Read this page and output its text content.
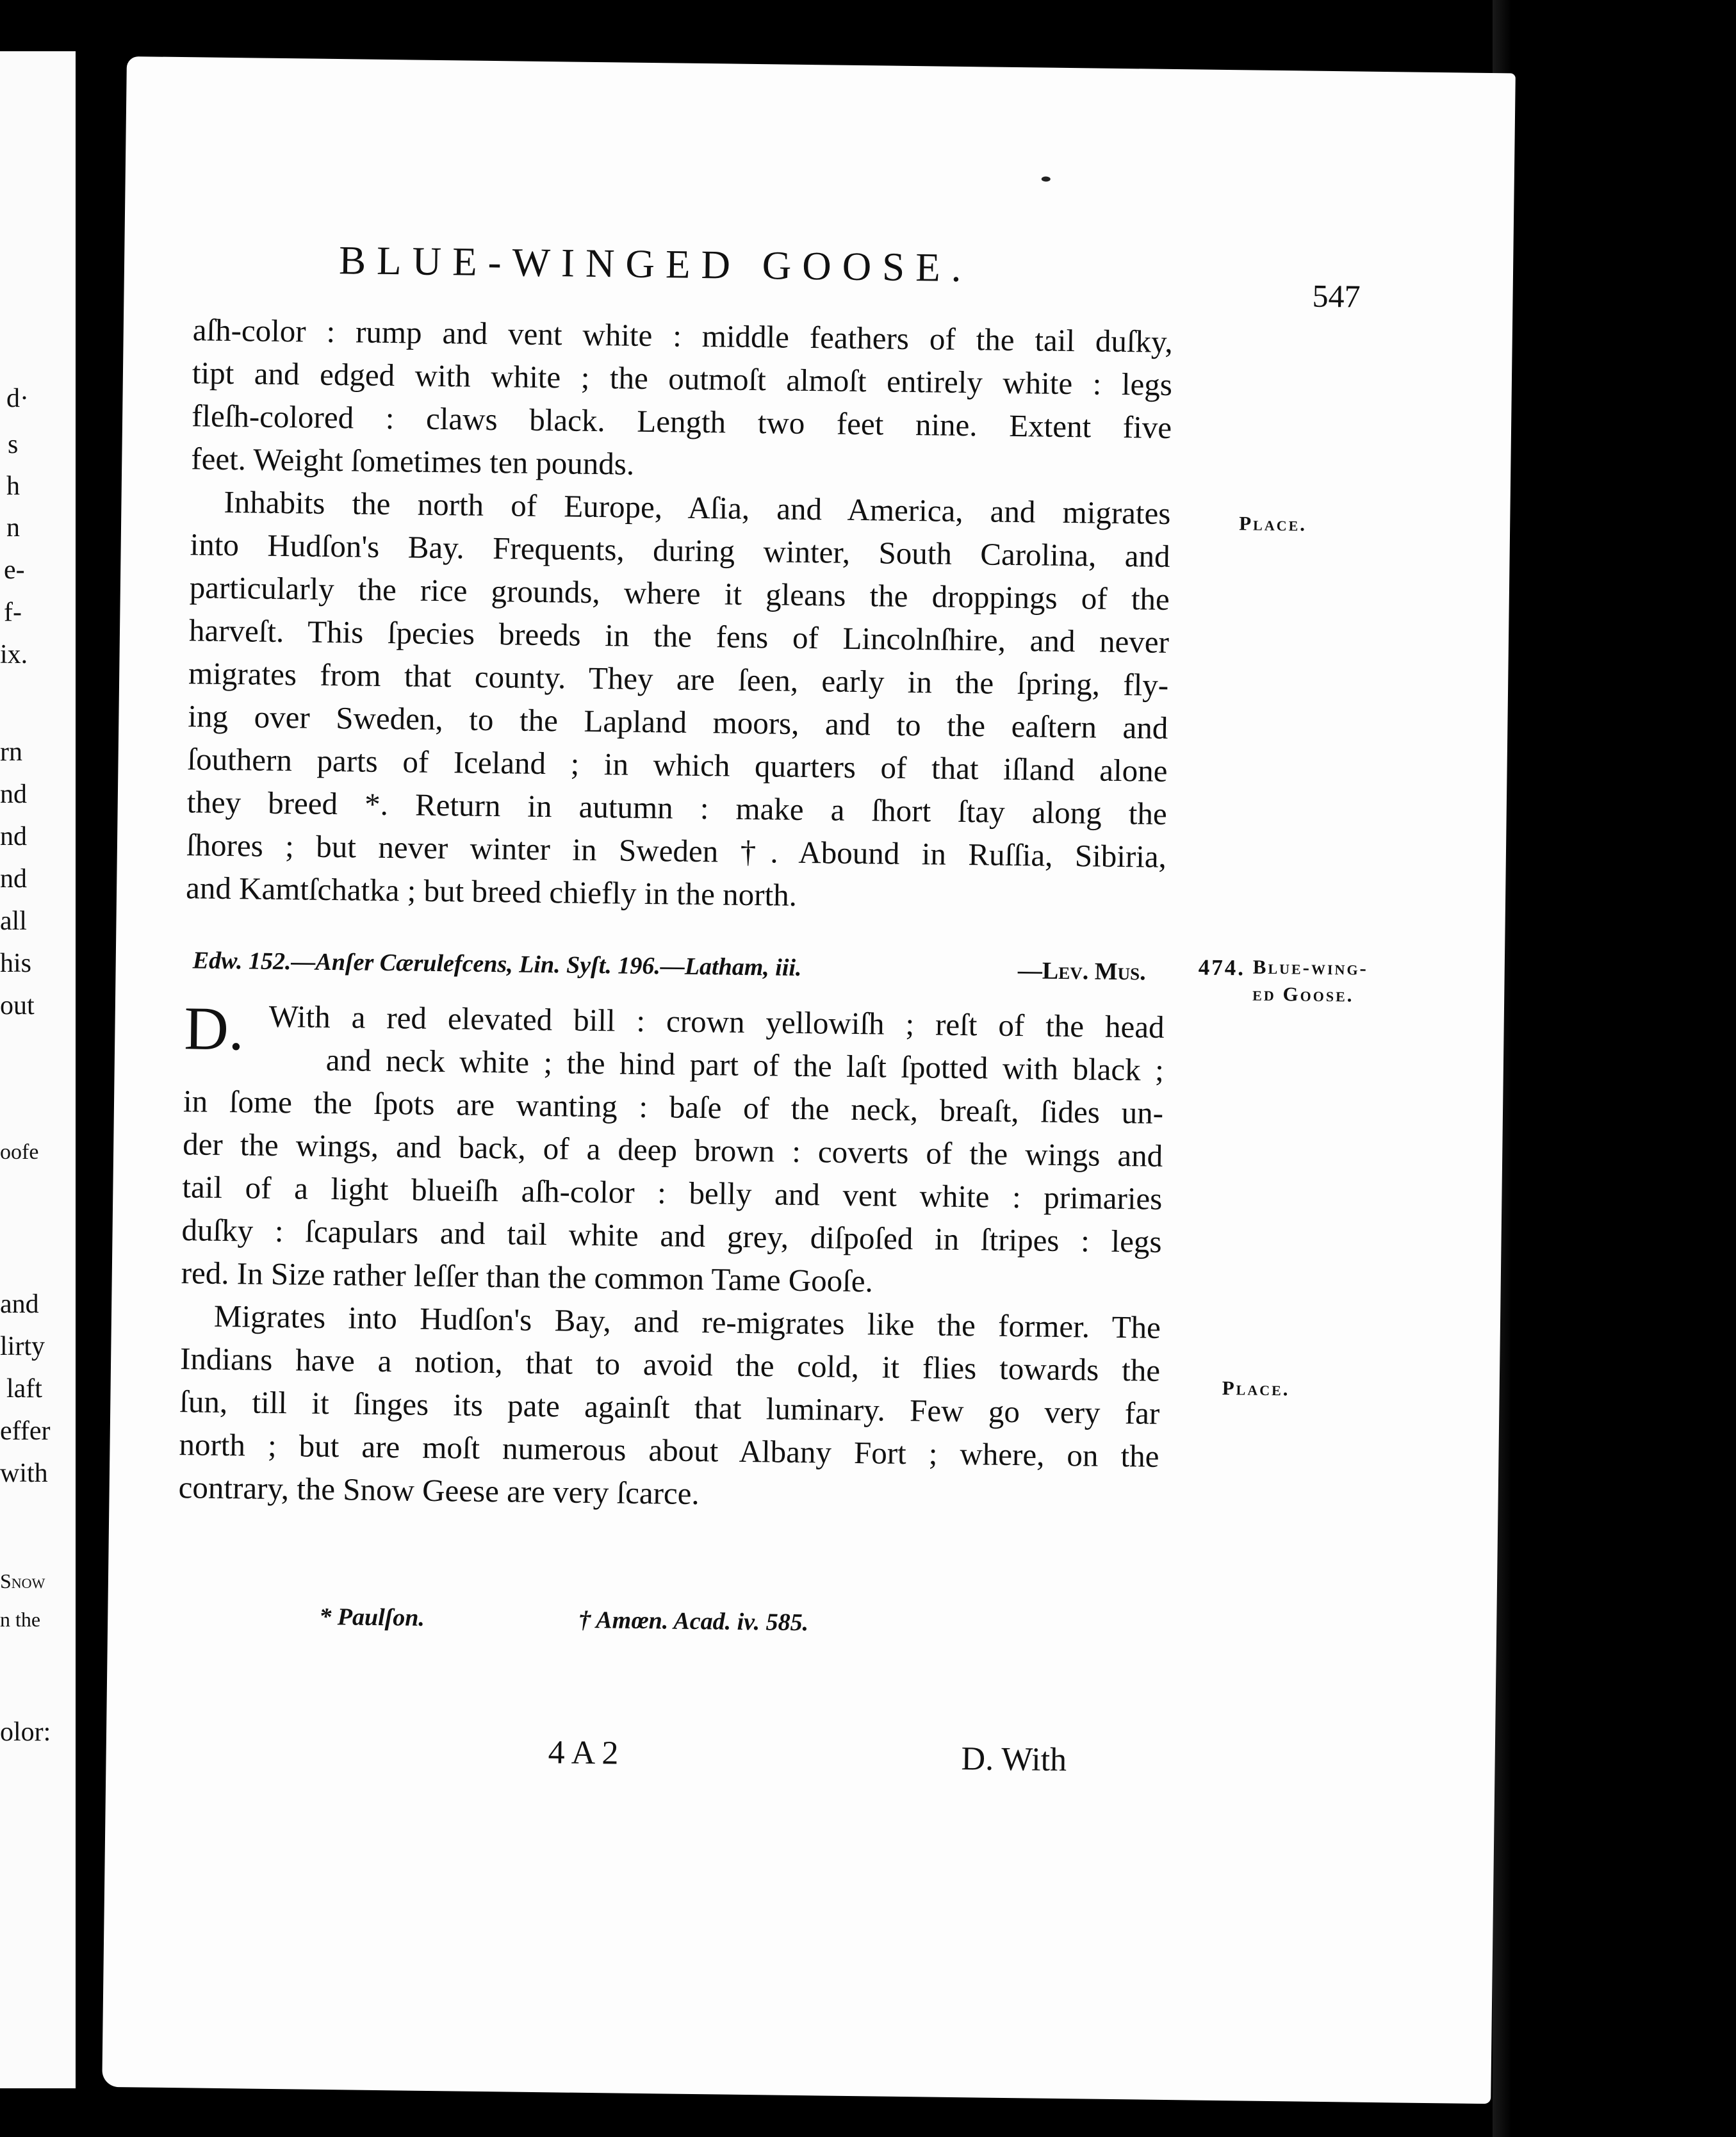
d·
s
h
n
e-
f-
ix.
rn
nd
nd
nd
all
his
out
oofe
and
lirty
laft
effer
with
Snow
n the
olor:
BLUE-WINGED GOOSE.
547
aſh-color : rump and vent white : middle feathers of the tail duſky,
tipt and edged with white ; the outmoſt almoſt entirely white : legs
fleſh-colored : claws black. Length two feet nine. Extent five
feet. Weight ſometimes ten pounds.
Inhabits the north of Europe, Aſia, and America, and migrates
into Hudſon's Bay. Frequents, during winter, South Carolina, and
particularly the rice grounds, where it gleans the droppings of the
harveſt. This ſpecies breeds in the fens of Lincolnſhire, and never
migrates from that county. They are ſeen, early in the ſpring, fly-
ing over Sweden, to the Lapland moors, and to the eaſtern and
ſouthern parts of Iceland ; in which quarters of that iſland alone
they breed *. Return in autumn : make a ſhort ſtay along the
ſhores ; but never winter in Sweden †. Abound in Ruſſia, Sibiria,
and Kamtſchatka ; but breed chiefly in the north.
Place.
Edw. 152.—Anſer Cærulefcens, Lin. Syſt. 196.—Latham, iii.	—Lev. Mus. 474. Blue-wing-
ed Goose.
D. With a red elevated bill : crown yellowiſh ; reſt of the head
and neck white ; the hind part of the laſt ſpotted with black ;
in ſome the ſpots are wanting : baſe of the neck, breaſt, ſides un-
der the wings, and back, of a deep brown : coverts of the wings and
tail of a light blueiſh aſh-color : belly and vent white : primaries
duſky : ſcapulars and tail white and grey, diſpoſed in ſtripes : legs
red. In Size rather leſſer than the common Tame Gooſe.
Migrates into Hudſon's Bay, and re-migrates like the former. The
Indians have a notion, that to avoid the cold, it flies towards the
ſun, till it ſinges its pate againſt that luminary. Few go very far
north ; but are moſt numerous about Albany Fort ; where, on the
contrary, the Snow Geese are very ſcarce.
Place.
* Paulſon.	† Amœn. Acad. iv. 585.
4 A 2	D. With
